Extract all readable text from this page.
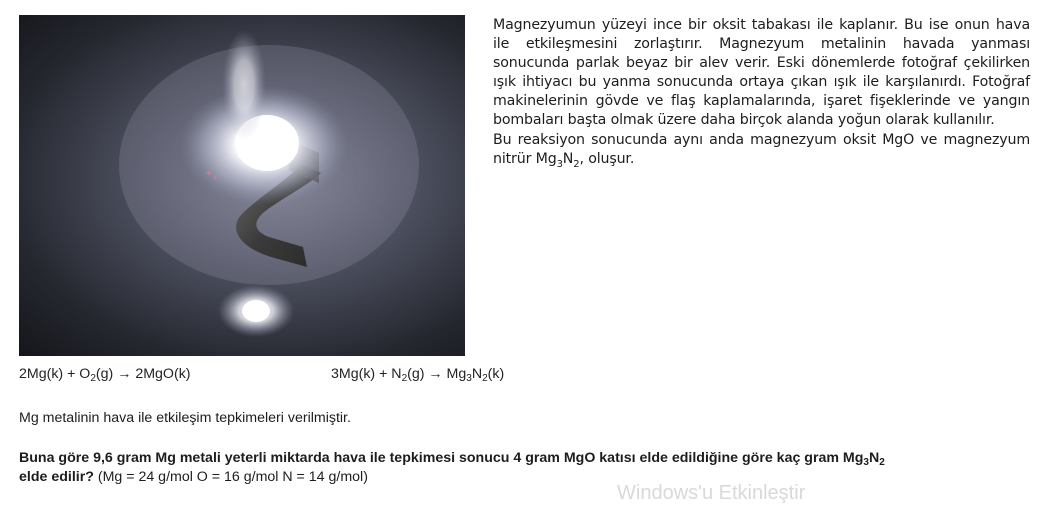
Magnezyumun yüzeyi ince bir oksit tabakası ile kaplanır. Bu ise onun hava ile etkileşmesini zorlaştırır. Magnezyum metalinin havada yanması sonucunda parlak beyaz bir alev verir. Eski dönemlerde fotoğraf çekilirken ışık ihtiyacı bu yanma sonucunda ortaya çıkan ışık ile karşılanırdı. Fotoğraf makinelerinin gövde ve flaş kaplamalarında, işaret fişeklerinde ve yangın bombaları başta olmak üzere daha birçok alanda yoğun olarak kullanılır.

Bu reaksiyon sonucunda aynı anda magnezyum oksit MgO ve magnezyum nitrür $Mg_3N_2$, oluşur.

$2Mg(k) + O_2(g) \to 2MgO(k)$	$3Mg(k) + N_2(g) \to Mg_3N_2(k)$
Mg metalinin hava ile etkileşim tepkimeleri verilmiştir.
Buna göre 9,6 gram Mg metali yeterli miktarda hava ile tepkimesi sonucu 4 gram MgO katısı elde edildiğine göre kaç gram $Mg_3N_2$
elde edilir? (Mg = 24 g/mol O = 16 g/mol N = 14 g/mol)
Windows'u Etkinleştir
